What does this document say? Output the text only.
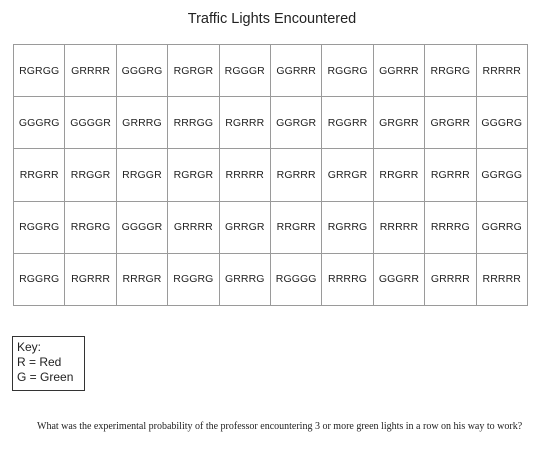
Traffic Lights Encountered
RGRGG	GRRRR	GGGRG	RGRGR	RGGGR	GGRRR	RGGRG	GGRRR	RRGRG	RRRRR
GGGRG	GGGGR	GRRRG	RRRGG	RGRRR	GGRGR	RGGRR	GRGRR	GRGRR	GGGRG
RRGRR	RRGGR	RRGGR	RGRGR	RRRRR	RGRRR	GRRGR	RRGRR	RGRRR	GGRGG
RGGRG	RRGRG	GGGGR	GRRRR	GRRGR	RRGRR	RGRRG	RRRRR	RRRRG	GGRRG
RGGRG	RGRRR	RRRGR	RGGRG	GRRRG	RGGGG	RRRRG	GGGRR	GRRRR	RRRRR
Key:
R = Red
G = Green
What was the experimental probability of the professor encountering 3 or more green lights in a row on his way to work?
